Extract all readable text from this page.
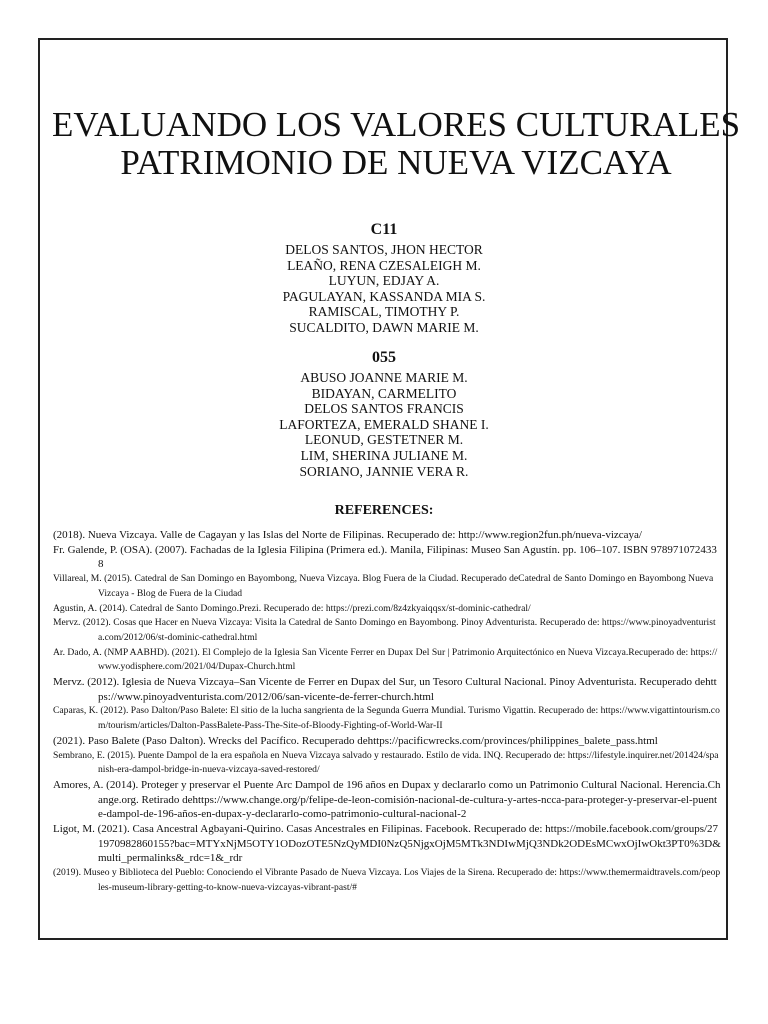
EVALUANDO LOS VALORES CULTURALES
PATRIMONIO DE NUEVA VIZCAYA
C11
DELOS SANTOS, JHON HECTOR
LEAÑO, RENA CZESALEIGH M.
LUYUN, EDJAY A.
PAGULAYAN, KASSANDA MIA S.
RAMISCAL, TIMOTHY P.
SUCALDITO, DAWN MARIE M.
055
ABUSO JOANNE MARIE M.
BIDAYAN, CARMELITO
DELOS SANTOS FRANCIS
LAFORTEZA, EMERALD SHANE I.
LEONUD, GESTETNER M.
LIM, SHERINA JULIANE M.
SORIANO, JANNIE VERA R.
REFERENCES:
(2018). Nueva Vizcaya. Valle de Cagayan y las Islas del Norte de Filipinas. Recuperado de: http://www.region2fun.ph/nueva-vizcaya/
Fr. Galende, P. (OSA). (2007). Fachadas de la Iglesia Filipina (Primera ed.). Manila, Filipinas: Museo San Agustín. pp. 106–107. ISBN 9789710724338
Villareal, M. (2015). Catedral de San Domingo en Bayombong, Nueva Vizcaya. Blog Fuera de la Ciudad. Recuperado deCatedral de Santo Domingo en Bayombong Nueva Vizcaya - Blog de Fuera de la Ciudad
Agustin, A. (2014). Catedral de Santo Domingo.Prezi. Recuperado de: https://prezi.com/8z4zkyaiqqsx/st-dominic-cathedral/
Mervz. (2012). Cosas que Hacer en Nueva Vizcaya: Visita la Catedral de Santo Domingo en Bayombong. Pinoy Adventurista. Recuperado de: https://www.pinoyadventurista.com/2012/06/st-dominic-cathedral.html
Ar. Dado, A. (NMP AABHD). (2021). El Complejo de la Iglesia San Vicente Ferrer en Dupax Del Sur | Patrimonio Arquitectónico en Nueva Vizcaya.Recuperado de: https://www.yodisphere.com/2021/04/Dupax-Church.html
Mervz. (2012). Iglesia de Nueva Vizcaya–San Vicente de Ferrer en Dupax del Sur, un Tesoro Cultural Nacional. Pinoy Adventurista. Recuperado dehttps://www.pinoyadventurista.com/2012/06/san-vicente-de-ferrer-church.html
Caparas, K. (2012). Paso Dalton/Paso Balete: El sitio de la lucha sangrienta de la Segunda Guerra Mundial. Turismo Vigattin. Recuperado de: https://www.vigattintourism.com/tourism/articles/Dalton-PassBalete-Pass-The-Site-of-Bloody-Fighting-of-World-War-II
(2021). Paso Balete (Paso Dalton). Wrecks del Pacífico. Recuperado dehttps://pacificwrecks.com/provinces/philippines_balete_pass.html
Sembrano, E. (2015). Puente Dampol de la era española en Nueva Vizcaya salvado y restaurado. Estilo de vida. INQ. Recuperado de: https://lifestyle.inquirer.net/201424/spanish-era-dampol-bridge-in-nueva-vizcaya-saved-restored/
Amores, A. (2014). Proteger y preservar el Puente Arc Dampol de 196 años en Dupax y declararlo como un Patrimonio Cultural Nacional. Herencia.Change.org. Retirado dehttps://www.change.org/p/felipe-de-leon-comisión-nacional-de-cultura-y-artes-ncca-para-proteger-y-preservar-el-puente-dampol-de-196-años-en-dupax-y-declararlo-como-patrimonio-cultural-nacional-2
Ligot, M. (2021). Casa Ancestral Agbayani-Quirino. Casas Ancestrales en Filipinas. Facebook. Recuperado de: https://mobile.facebook.com/groups/271970982860155?bac=MTYxNjM5OTY1ODozOTE5NzQyMDI0NzQ5NjgxOjM5MTk3NDIwMjQ3NDk2ODEsMCwxOjIwOkt3PT0%3D&multi_permalinks&_rdc=1&_rdr
(2019). Museo y Biblioteca del Pueblo: Conociendo el Vibrante Pasado de Nueva Vizcaya. Los Viajes de la Sirena. Recuperado de: https://www.themermaidtravels.com/peoples-museum-library-getting-to-know-nueva-vizcayas-vibrant-past/#
